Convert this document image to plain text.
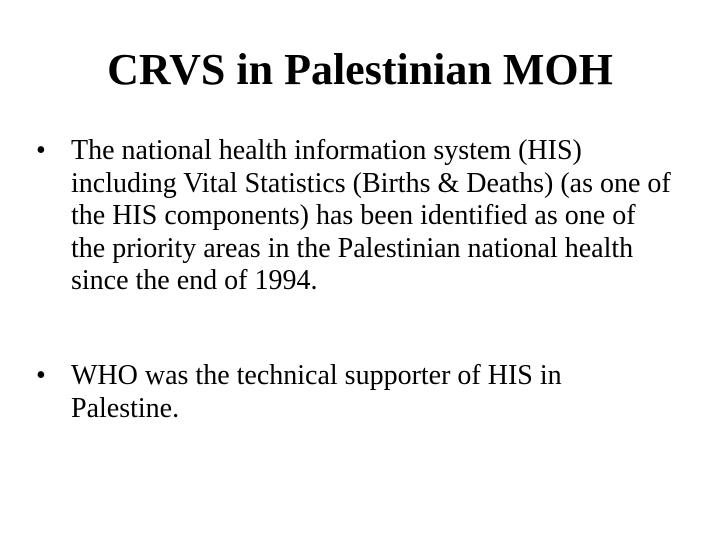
CRVS in Palestinian MOH
• The national health information system (HIS) including Vital Statistics (Births & Deaths) (as one of the HIS components) has been identified as one of the priority areas in the Palestinian national health since the end of 1994.
• WHO was the technical supporter of HIS in Palestine.
